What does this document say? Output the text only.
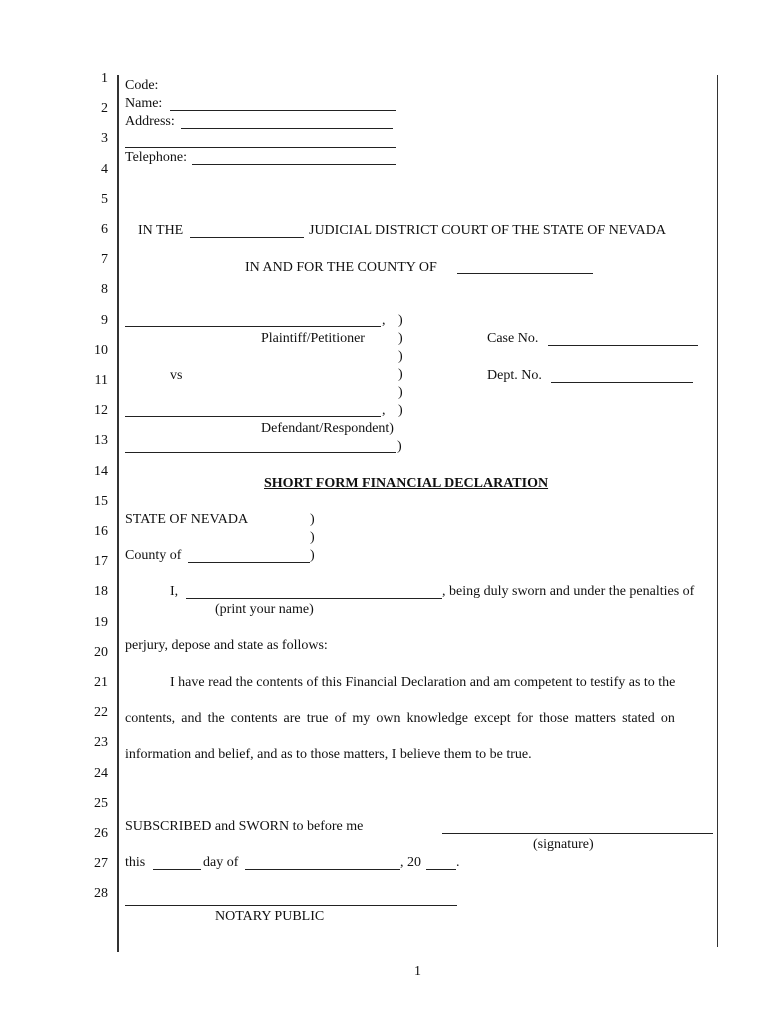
1
2
3
4
5
6
7
8
9
10
11
12
13
14
15
16
17
18
19
20
21
22
23
24
25
26
27
28
Code:
Name:
Address:
Telephone:
IN THE	JUDICIAL DISTRICT COURT OF THE STATE OF NEVADA
IN AND FOR THE COUNTY OF
,
Plaintiff/Petitioner
vs
,
Defendant/Respondent)
)
)
)
)
)
)
)
Case No.
Dept. No.
SHORT FORM FINANCIAL DECLARATION
STATE OF NEVADA	)
)
County of	)
I,	, being duly sworn and under the penalties of
(print your name)
perjury, depose and state as follows:
I have read the contents of this Financial Declaration and am competent to testify as to the
contents, and the contents are true of my own knowledge except for those matters stated on
information and belief, and as to those matters, I believe them to be true.
SUBSCRIBED and SWORN to before me
(signature)
this	day of	, 20	.
NOTARY PUBLIC
1
